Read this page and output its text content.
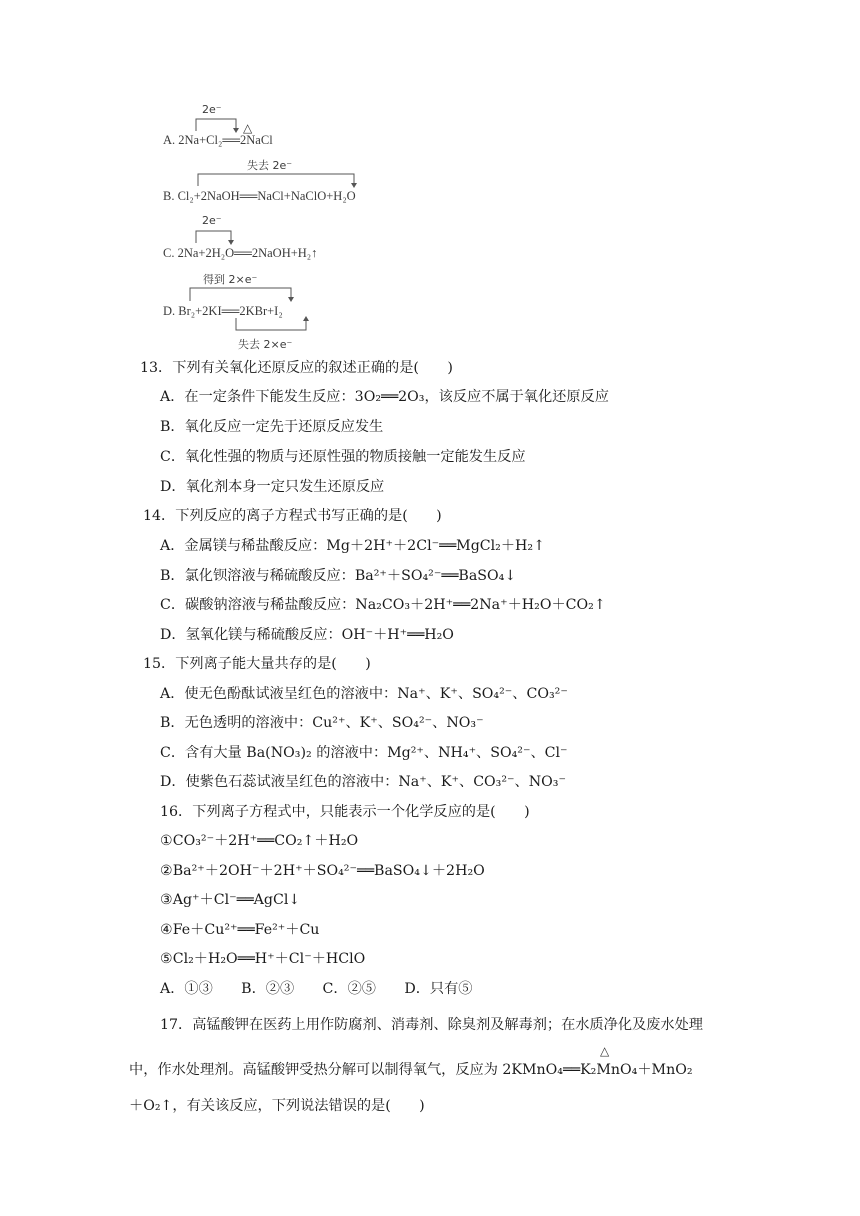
2e⁻
△
A. 2Na+Cl₂══2NaCl
失去 2e⁻
B. Cl₂+2NaOH══NaCl+NaClO+H₂O
2e⁻
C. 2Na+2H₂O══2NaOH+H₂↑
得到 2×e⁻
D. Br₂+2KI══2KBr+I₂
失去 2×e⁻
13．下列有关氧化还原反应的叙述正确的是(　　)
A．在一定条件下能发生反应：3O₂══2O₃，该反应不属于氧化还原反应
B．氧化反应一定先于还原反应发生
C．氧化性强的物质与还原性强的物质接触一定能发生反应
D．氧化剂本身一定只发生还原反应
14．下列反应的离子方程式书写正确的是(　　)
A．金属镁与稀盐酸反应：Mg＋2H⁺＋2Cl⁻══MgCl₂＋H₂↑
B．氯化钡溶液与稀硫酸反应：Ba²⁺＋SO₄²⁻══BaSO₄↓
C．碳酸钠溶液与稀盐酸反应：Na₂CO₃＋2H⁺══2Na⁺＋H₂O＋CO₂↑
D．氢氧化镁与稀硫酸反应：OH⁻＋H⁺══H₂O
15．下列离子能大量共存的是(　　)
A．使无色酚酞试液呈红色的溶液中：Na⁺、K⁺、SO₄²⁻、CO₃²⁻
B．无色透明的溶液中：Cu²⁺、K⁺、SO₄²⁻、NO₃⁻
C．含有大量 Ba(NO₃)₂ 的溶液中：Mg²⁺、NH₄⁺、SO₄²⁻、Cl⁻
D．使紫色石蕊试液呈红色的溶液中：Na⁺、K⁺、CO₃²⁻、NO₃⁻
16．下列离子方程式中，只能表示一个化学反应的是(　　)
①CO₃²⁻＋2H⁺══CO₂↑＋H₂O
②Ba²⁺＋2OH⁻＋2H⁺＋SO₄²⁻══BaSO₄↓＋2H₂O
③Ag⁺＋Cl⁻══AgCl↓
④Fe＋Cu²⁺══Fe²⁺＋Cu
⑤Cl₂＋H₂O══H⁺＋Cl⁻＋HClO
A．①③　　B．②③　　C．②⑤　　D．只有⑤
17．高锰酸钾在医药上用作防腐剂、消毒剂、除臭剂及解毒剂；在水质净化及废水处理
中，作水处理剂。高锰酸钾受热分解可以制得氧气，反应为 2KMnO₄══K₂MnO₄＋MnO₂
△
＋O₂↑，有关该反应，下列说法错误的是(　　)
